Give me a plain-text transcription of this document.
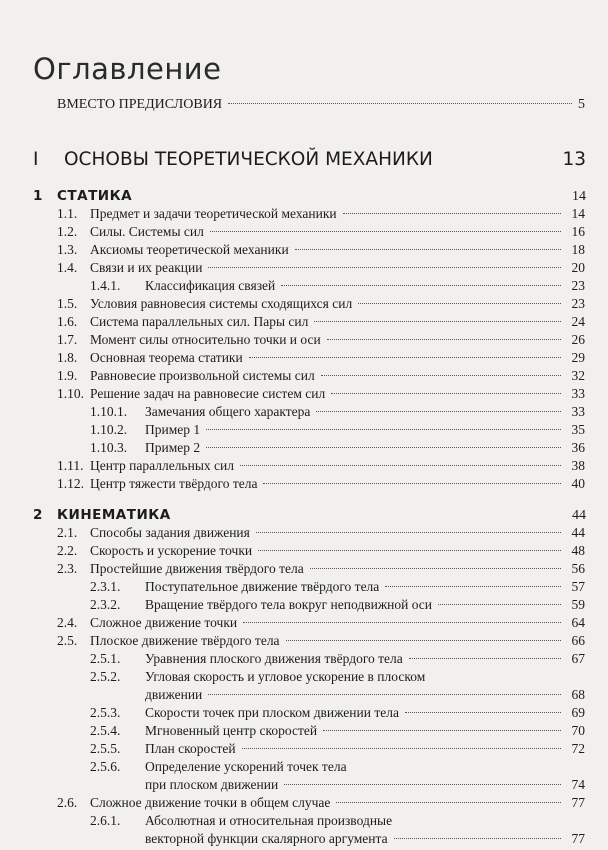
Оглавление
ВМЕСТО ПРЕДИСЛОВИЯ	5
I	ОСНОВЫ ТЕОРЕТИЧЕСКОЙ МЕХАНИКИ	13
1	СТАТИКА	14
1.1. Предмет и задачи теоретической механики	14
1.2. Силы. Системы сил	16
1.3. Аксиомы теоретической механики	18
1.4. Связи и их реакции	20
1.4.1.	Классификация связей	23
1.5. Условия равновесия системы сходящихся сил	23
1.6. Система параллельных сил. Пары сил	24
1.7. Момент силы относительно точки и оси	26
1.8. Основная теорема статики	29
1.9. Равновесие произвольной системы сил	32
1.10. Решение задач на равновесие систем сил	33
1.10.1.	Замечания общего характера	33
1.10.2.	Пример 1	35
1.10.3.	Пример 2	36
1.11. Центр параллельных сил	38
1.12. Центр тяжести твёрдого тела	40
2	КИНЕМАТИКА	44
2.1. Способы задания движения	44
2.2. Скорость и ускорение точки	48
2.3. Простейшие движения твёрдого тела	56
2.3.1.	Поступательное движение твёрдого тела	57
2.3.2.	Вращение твёрдого тела вокруг неподвижной оси	59
2.4. Сложное движение точки	64
2.5. Плоское движение твёрдого тела	66
2.5.1.	Уравнения плоского движения твёрдого тела	67
2.5.2.	Угловая скорость и угловое ускорение в плоском
движении	68
2.5.3.	Скорости точек при плоском движении тела	69
2.5.4.	Мгновенный центр скоростей	70
2.5.5.	План скоростей	72
2.5.6.	Определение ускорений точек тела
при плоском движении	74
2.6. Сложное движение точки в общем случае	77
2.6.1.	Абсолютная и относительная производные
векторной функции скалярного аргумента	77
